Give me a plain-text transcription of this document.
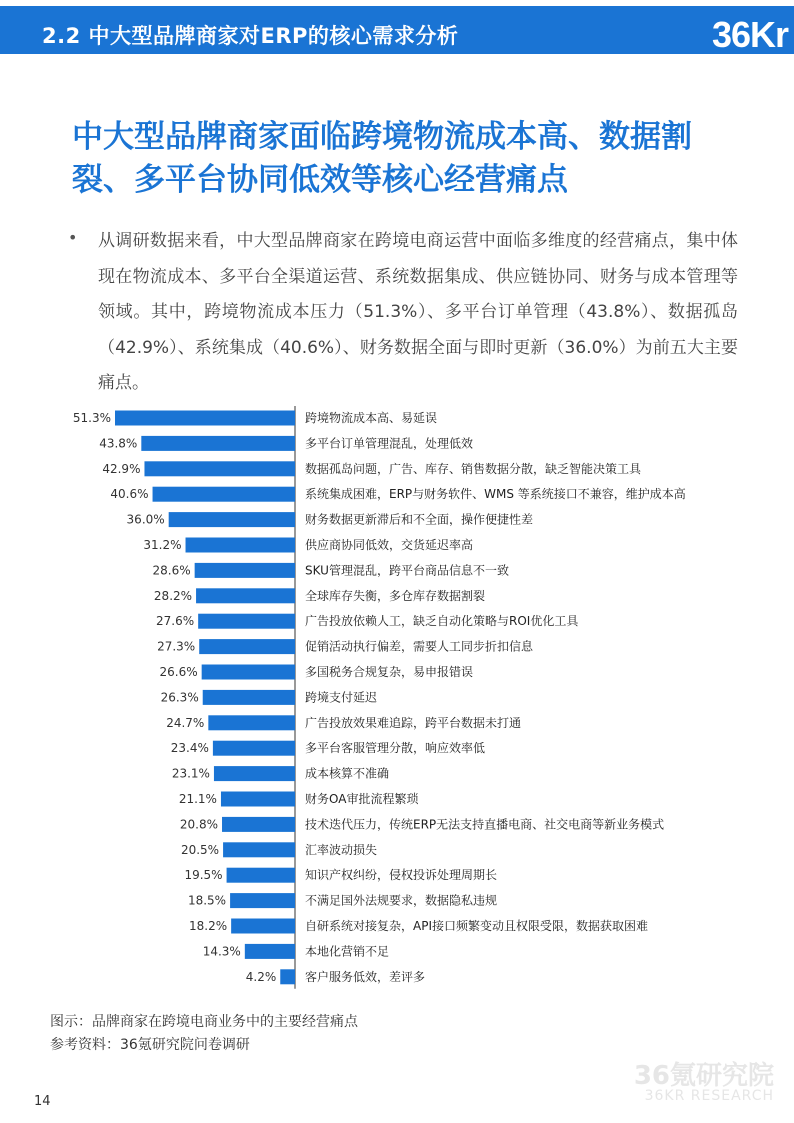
2.2 中大型品牌商家对ERP的核心需求分析	36Kr
中大型品牌商家面临跨境物流成本高、数据割裂、多平台协同低效等核心经营痛点
• 从调研数据来看，中大型品牌商家在跨境电商运营中面临多维度的经营痛点，集中体现在物流成本、多平台全渠道运营、系统数据集成、供应链协同、财务与成本管理等领域。其中，跨境物流成本压力（51.3%）、多平台订单管理（43.8%）、数据孤岛（42.9%）、系统集成（40.6%）、财务数据全面与即时更新（36.0%）为前五大主要痛点。
51.3%	跨境物流成本高、易延误
43.8%	多平台订单管理混乱，处理低效
42.9%	数据孤岛问题，广告、库存、销售数据分散，缺乏智能决策工具
40.6%	系统集成困难，ERP与财务软件、WMS 等系统接口不兼容，维护成本高
36.0%	财务数据更新滞后和不全面，操作便捷性差
31.2%	供应商协同低效，交货延迟率高
28.6%	SKU管理混乱，跨平台商品信息不一致
28.2%	全球库存失衡，多仓库存数据割裂
27.6%	广告投放依赖人工，缺乏自动化策略与ROI优化工具
27.3%	促销活动执行偏差，需要人工同步折扣信息
26.6%	多国税务合规复杂，易申报错误
26.3%	跨境支付延迟
24.7%	广告投放效果难追踪，跨平台数据未打通
23.4%	多平台客服管理分散，响应效率低
23.1%	成本核算不准确
21.1%	财务OA审批流程繁琐
20.8%	技术迭代压力，传统ERP无法支持直播电商、社交电商等新业务模式
20.5%	汇率波动损失
19.5%	知识产权纠纷，侵权投诉处理周期长
18.5%	不满足国外法规要求，数据隐私违规
18.2%	自研系统对接复杂，API接口频繁变动且权限受限，数据获取困难
14.3%	本地化营销不足
4.2% 客户服务低效，差评多
图示：品牌商家在跨境电商业务中的主要经营痛点
参考资料：36氪研究院问卷调研
14
36氪研究院
36KR RESEARCH
